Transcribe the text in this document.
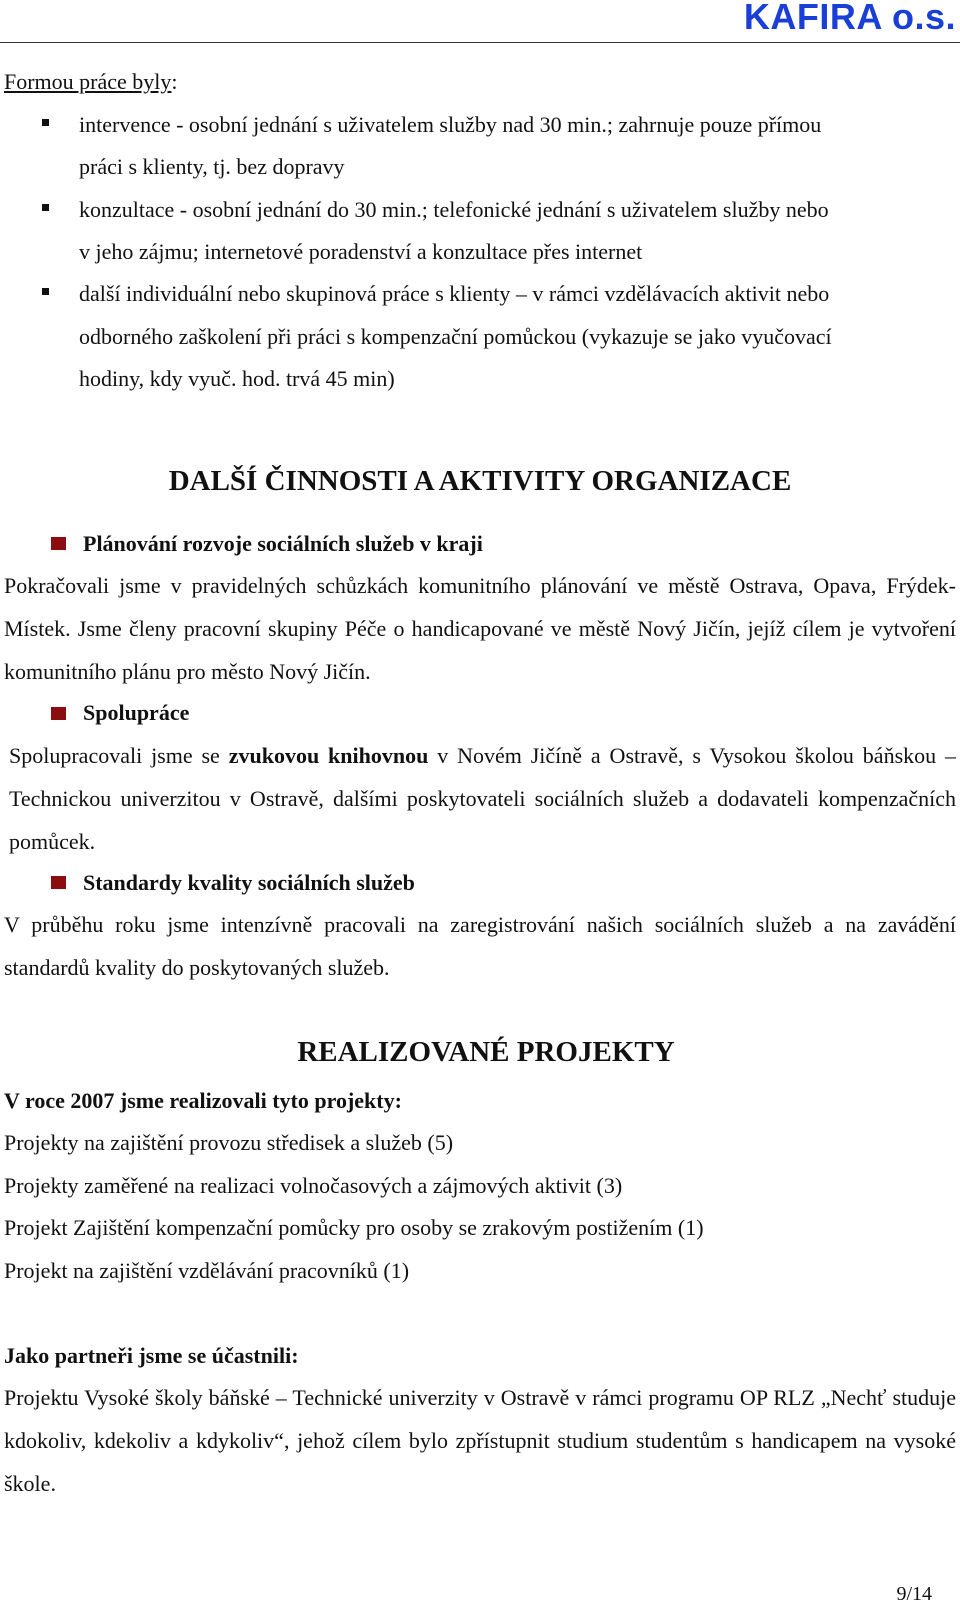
KAFIRA o.s.
Formou práce byly:
intervence - osobní jednání s uživatelem služby nad 30 min.; zahrnuje pouze přímou
práci s klienty, tj. bez dopravy
konzultace - osobní jednání do 30 min.; telefonické jednání s uživatelem služby nebo
v jeho zájmu; internetové poradenství a konzultace přes internet
další individuální nebo skupinová práce s klienty – v rámci vzdělávacích aktivit nebo
odborného zaškolení při práci s kompenzační pomůckou (vykazuje se jako vyučovací
hodiny, kdy vyuč. hod. trvá 45 min)
DALŠÍ ČINNOSTI A AKTIVITY ORGANIZACE
Plánování rozvoje sociálních služeb v kraji
Pokračovali jsme v pravidelných schůzkách komunitního plánování ve městě Ostrava, Opava, Frýdek-Místek. Jsme členy pracovní skupiny Péče o handicapované ve městě Nový Jičín, jejíž cílem je vytvoření komunitního plánu pro město Nový Jičín.
Spolupráce
Spolupracovali jsme se zvukovou knihovnou v Novém Jičíně a Ostravě, s Vysokou školou báňskou – Technickou univerzitou v Ostravě, dalšími poskytovateli sociálních služeb a dodavateli kompenzačních pomůcek.
Standardy kvality sociálních služeb
V průběhu roku jsme intenzívně pracovali na zaregistrování našich sociálních služeb a na zavádění standardů kvality do poskytovaných služeb.
REALIZOVANÉ PROJEKTY
V roce 2007 jsme realizovali tyto projekty:
Projekty na zajištění provozu středisek a služeb (5)
Projekty zaměřené na realizaci volnočasových a zájmových aktivit (3)
Projekt Zajištění kompenzační pomůcky pro osoby se zrakovým postižením (1)
Projekt na zajištění vzdělávání pracovníků (1)
Jako partneři jsme se účastnili:
Projektu Vysoké školy báňské – Technické univerzity v Ostravě v rámci programu OP RLZ „Nechť studuje kdokoliv, kdekoliv a kdykoliv“, jehož cílem bylo zpřístupnit studium studentům s handicapem na vysoké škole.
9/14
